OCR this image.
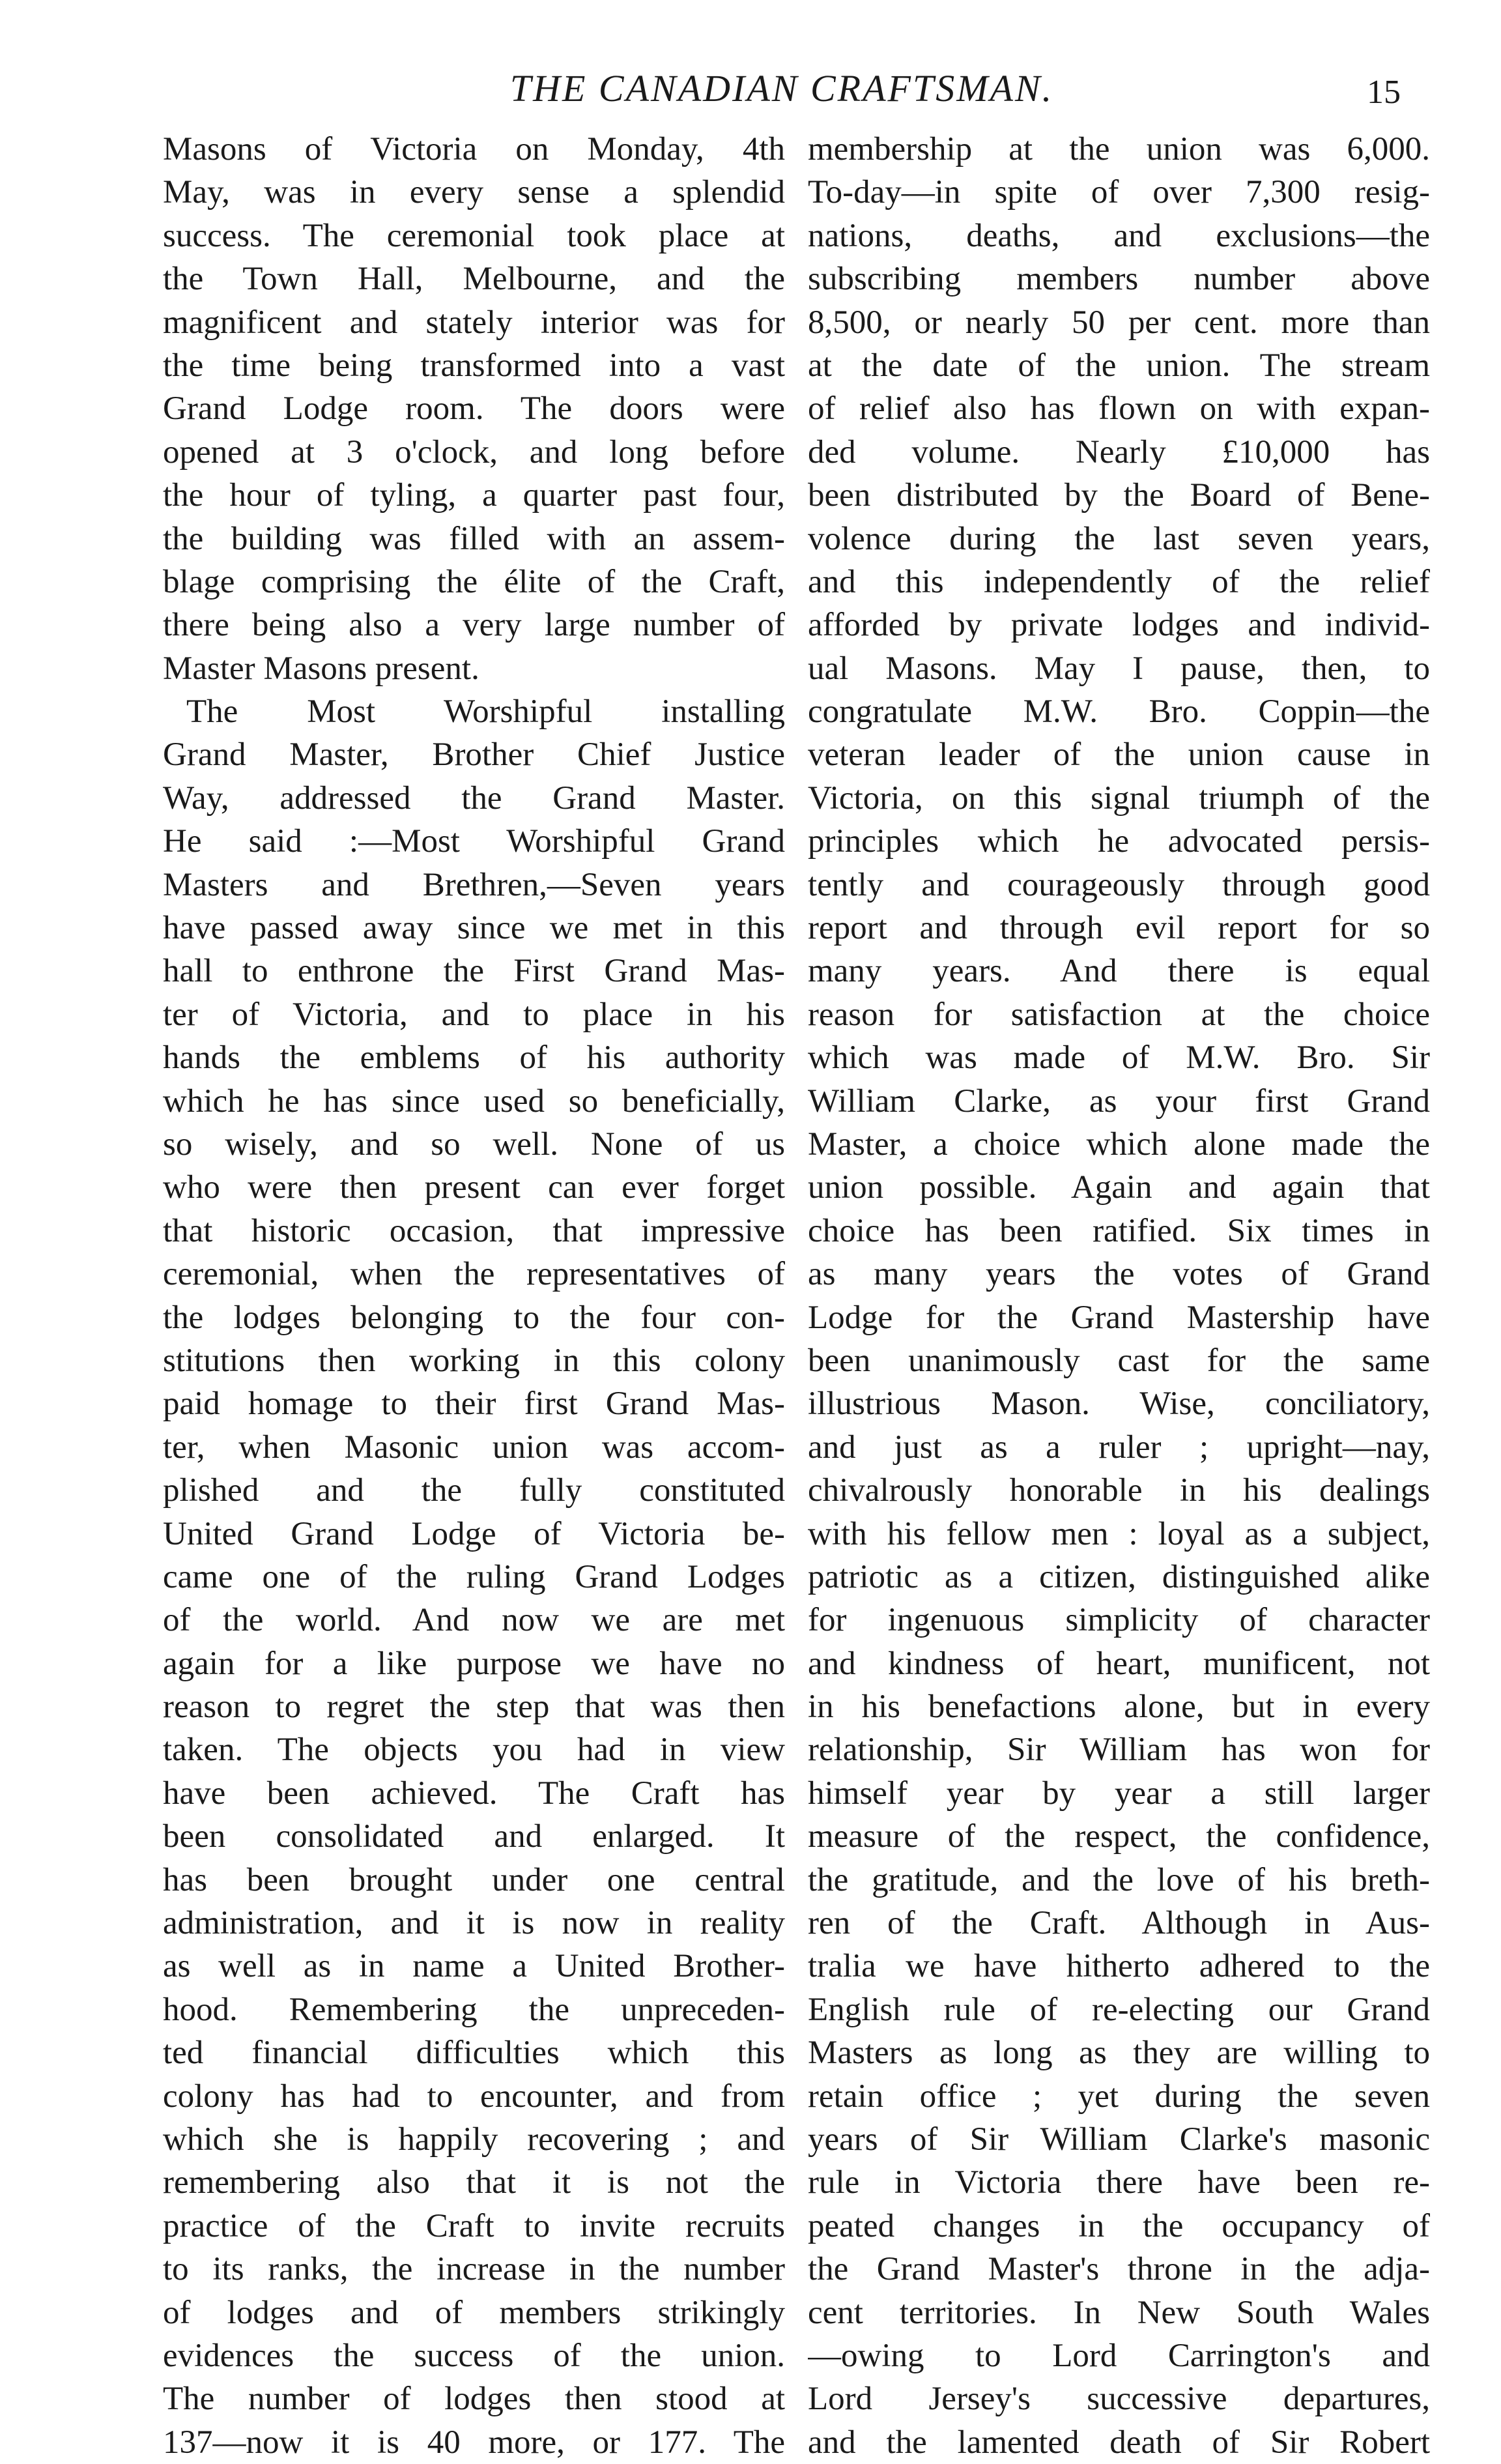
THE CANADIAN CRAFTSMAN.	15
Masons of Victoria on Monday, 4th
May, was in every sense a splendid
success. The ceremonial took place at
the Town Hall, Melbourne, and the
magnificent and stately interior was for
the time being transformed into a vast
Grand Lodge room. The doors were
opened at 3 o'clock, and long before
the hour of tyling, a quarter past four,
the building was filled with an assem-
blage comprising the élite of the Craft,
there being also a very large number of
Master Masons present.
The Most Worshipful installing
Grand Master, Brother Chief Justice
Way, addressed the Grand Master.
He said :—Most Worshipful Grand
Masters and Brethren,—Seven years
have passed away since we met in this
hall to enthrone the First Grand Mas-
ter of Victoria, and to place in his
hands the emblems of his authority
which he has since used so beneficially,
so wisely, and so well. None of us
who were then present can ever forget
that historic occasion, that impressive
ceremonial, when the representatives of
the lodges belonging to the four con-
stitutions then working in this colony
paid homage to their first Grand Mas-
ter, when Masonic union was accom-
plished and the fully constituted
United Grand Lodge of Victoria be-
came one of the ruling Grand Lodges
of the world. And now we are met
again for a like purpose we have no
reason to regret the step that was then
taken. The objects you had in view
have been achieved. The Craft has
been consolidated and enlarged. It
has been brought under one central
administration, and it is now in reality
as well as in name a United Brother-
hood. Remembering the unpreceden-
ted financial difficulties which this
colony has had to encounter, and from
which she is happily recovering ; and
remembering also that it is not the
practice of the Craft to invite recruits
to its ranks, the increase in the number
of lodges and of members strikingly
evidences the success of the union.
The number of lodges then stood at
137—now it is 40 more, or 177. The
membership at the union was 6,000.
To-day—in spite of over 7,300 resig-
nations, deaths, and exclusions—the
subscribing members number above
8,500, or nearly 50 per cent. more than
at the date of the union. The stream
of relief also has flown on with expan-
ded volume. Nearly £10,000 has
been distributed by the Board of Bene-
volence during the last seven years,
and this independently of the relief
afforded by private lodges and individ-
ual Masons. May I pause, then, to
congratulate M.W. Bro. Coppin—the
veteran leader of the union cause in
Victoria, on this signal triumph of the
principles which he advocated persis-
tently and courageously through good
report and through evil report for so
many years. And there is equal
reason for satisfaction at the choice
which was made of M.W. Bro. Sir
William Clarke, as your first Grand
Master, a choice which alone made the
union possible. Again and again that
choice has been ratified. Six times in
as many years the votes of Grand
Lodge for the Grand Mastership have
been unanimously cast for the same
illustrious Mason. Wise, conciliatory,
and just as a ruler ; upright—nay,
chivalrously honorable in his dealings
with his fellow men : loyal as a subject,
patriotic as a citizen, distinguished alike
for ingenuous simplicity of character
and kindness of heart, munificent, not
in his benefactions alone, but in every
relationship, Sir William has won for
himself year by year a still larger
measure of the respect, the confidence,
the gratitude, and the love of his breth-
ren of the Craft. Although in Aus-
tralia we have hitherto adhered to the
English rule of re-electing our Grand
Masters as long as they are willing to
retain office ; yet during the seven
years of Sir William Clarke's masonic
rule in Victoria there have been re-
peated changes in the occupancy of
the Grand Master's throne in the adja-
cent territories. In New South Wales
—owing to Lord Carrington's and
Lord Jersey's successive departures,
and the lamented death of Sir Robert
